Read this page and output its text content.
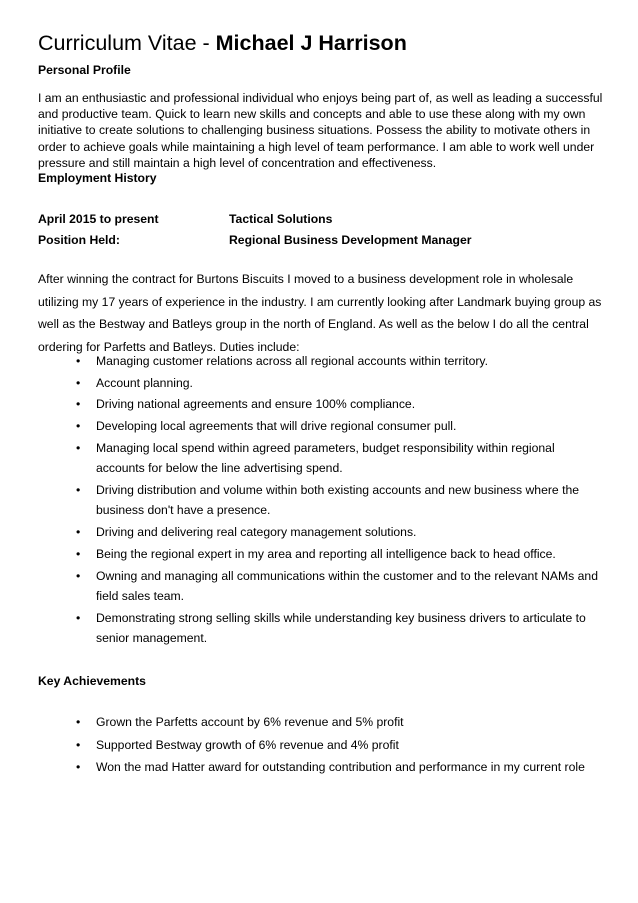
Curriculum Vitae - Michael J Harrison
Personal Profile

I am an enthusiastic and professional individual who enjoys being part of, as well as leading a successful and productive team. Quick to learn new skills and concepts and able to use these along with my own initiative to create solutions to challenging business situations. Possess the ability to motivate others in order to achieve goals while maintaining a high level of team performance. I am able to work well under pressure and still maintain a high level of concentration and effectiveness.

Employment History
April 2015 to present	Tactical Solutions
Position Held:	Regional Business Development Manager

After winning the contract for Burtons Biscuits I moved to a business development role in wholesale utilizing my 17 years of experience in the industry. I am currently looking after Landmark buying group as well as the Bestway and Batleys group in the north of England. As well as the below I do all the central ordering for Parfetts and Batleys. Duties include:

• Managing customer relations across all regional accounts within territory.
• Account planning.
• Driving national agreements and ensure 100% compliance.
• Developing local agreements that will drive regional consumer pull.
• Managing local spend within agreed parameters, budget responsibility within regional accounts for below the line advertising spend.
• Driving distribution and volume within both existing accounts and new business where the business don't have a presence.
• Driving and delivering real category management solutions.
• Being the regional expert in my area and reporting all intelligence back to head office.
• Owning and managing all communications within the customer and to the relevant NAMs and field sales team.
• Demonstrating strong selling skills while understanding key business drivers to articulate to senior management.
Key Achievements
• Grown the Parfetts account by 6% revenue and 5% profit
• Supported Bestway growth of 6% revenue and 4% profit
• Won the mad Hatter award for outstanding contribution and performance in my current role
